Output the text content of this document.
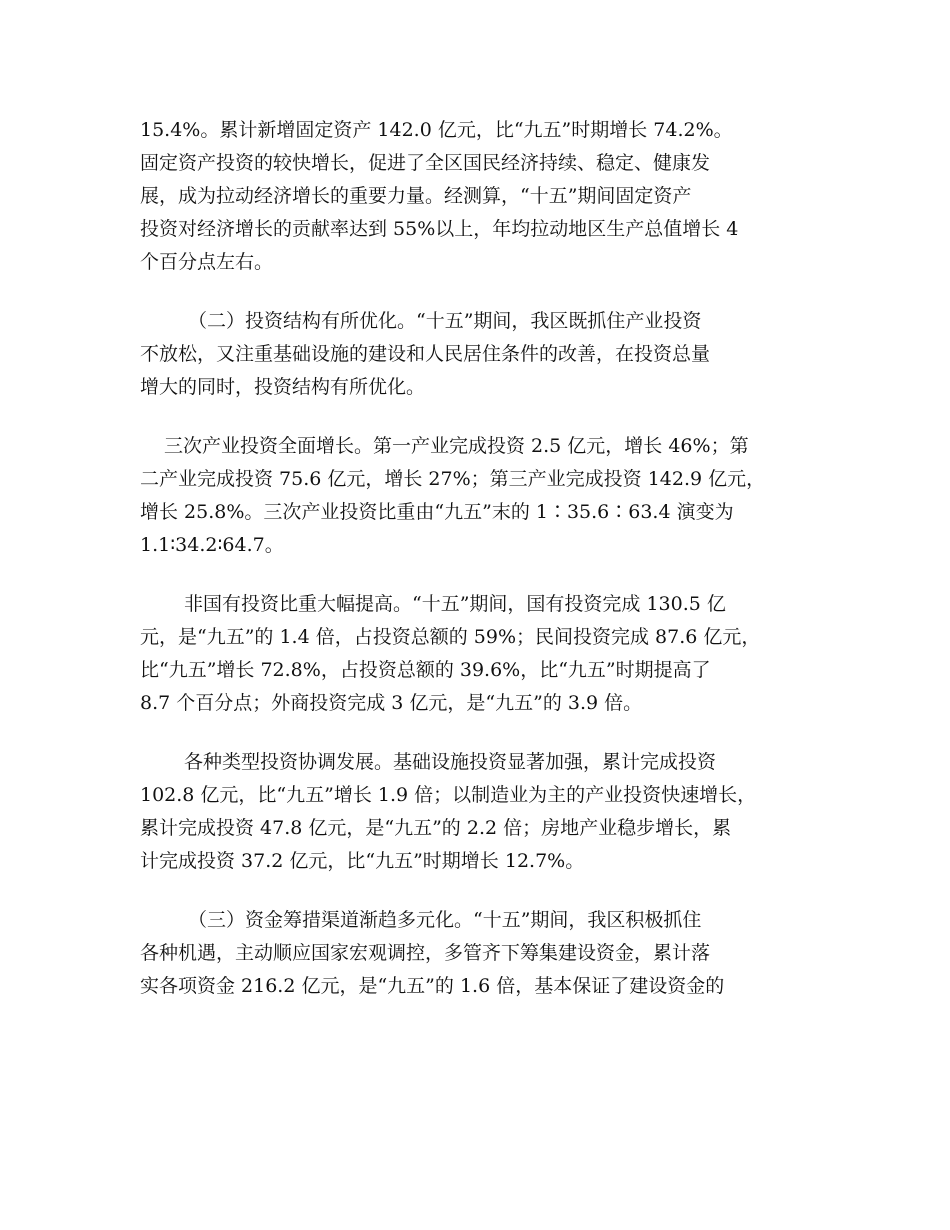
15.4%。累计新增固定资产 142.0 亿元，比“九五”时期增长 74.2%。
固定资产投资的较快增长，促进了全区国民经济持续、稳定、健康发
展，成为拉动经济增长的重要力量。经测算，“十五”期间固定资产
投资对经济增长的贡献率达到 55%以上，年均拉动地区生产总值增长 4
个百分点左右。
（二）投资结构有所优化。“十五”期间，我区既抓住产业投资
不放松，又注重基础设施的建设和人民居住条件的改善，在投资总量
增大的同时，投资结构有所优化。
三次产业投资全面增长。第一产业完成投资 2.5 亿元，增长 46%；第
二产业完成投资 75.6 亿元，增长 27%；第三产业完成投资 142.9 亿元，
增长 25.8%。三次产业投资比重由“九五”末的 1∶35.6∶63.4 演变为
1.1∶34.2∶64.7。
非国有投资比重大幅提高。“十五”期间，国有投资完成 130.5 亿
元，是“九五”的 1.4 倍，占投资总额的 59%；民间投资完成 87.6 亿元，
比“九五”增长 72.8%，占投资总额的 39.6%，比“九五”时期提高了
8.7 个百分点；外商投资完成 3 亿元，是“九五”的 3.9 倍。
各种类型投资协调发展。基础设施投资显著加强，累计完成投资
102.8 亿元，比“九五”增长 1.9 倍；以制造业为主的产业投资快速增长，
累计完成投资 47.8 亿元，是“九五”的 2.2 倍；房地产业稳步增长，累
计完成投资 37.2 亿元，比“九五”时期增长 12.7%。
（三）资金筹措渠道渐趋多元化。“十五”期间，我区积极抓住
各种机遇，主动顺应国家宏观调控，多管齐下筹集建设资金，累计落
实各项资金 216.2 亿元，是“九五”的 1.6 倍，基本保证了建设资金的
